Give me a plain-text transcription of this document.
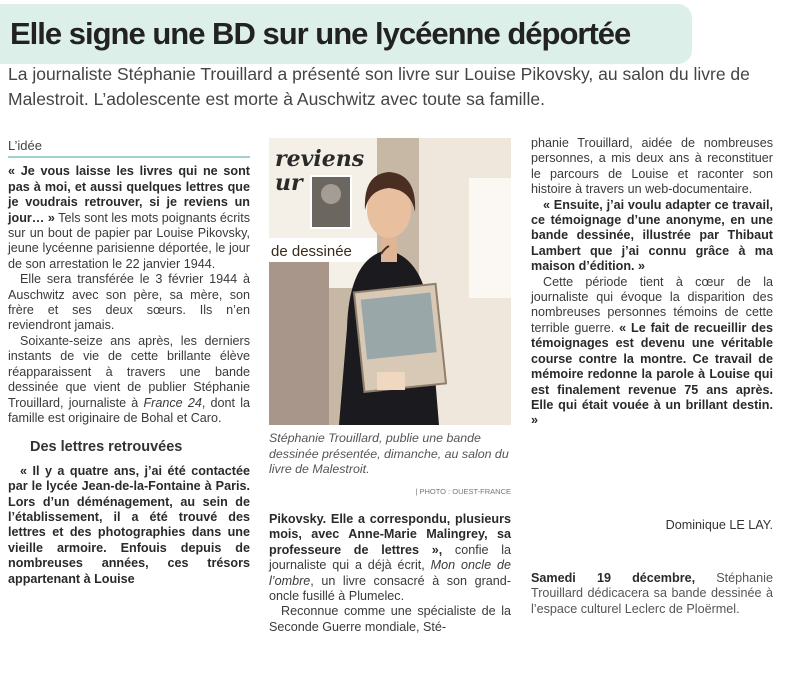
Elle signe une BD sur une lycéenne déportée

La journaliste Stéphanie Trouillard a présenté son livre sur Louise Pikovsky, au salon du livre de Malestroit. L’adolescente est morte à Auschwitz avec toute sa famille.

L’idée

« Je vous laisse les livres qui ne sont pas à moi, et aussi quelques lettres que je voudrais retrouver, si je reviens un jour… » Tels sont les mots poignants écrits sur un bout de papier par Louise Pikovsky, jeune lycéenne parisienne déportée, le jour de son arrestation le 22 janvier 1944.

Elle sera transférée le 3 février 1944 à Auschwitz avec son père, sa mère, son frère et ses deux sœurs. Ils n’en reviendront jamais.

Soixante-seize ans après, les derniers instants de vie de cette brillante élève réapparaissent à travers une bande dessinée que vient de publier Stéphanie Trouillard, journaliste à France 24, dont la famille est originaire de Bohal et Caro.

Des lettres retrouvées

« Il y a quatre ans, j’ai été contactée par le lycée Jean-de-la-Fontaine à Paris. Lors d’un déménagement, au sein de l’établissement, il a été trouvé des lettres et des photographies dans une vieille armoire. Enfouis depuis de nombreuses années, ces trésors appartenant à Louise

reviens
ur
de dessinée
Stéphanie Trouillard, publie une bande dessinée présentée, dimanche, au salon du livre de Malestroit.
| PHOTO : OUEST-FRANCE

Pikovsky. Elle a correspondu, plusieurs mois, avec Anne-Marie Malingrey, sa professeure de lettres », confie la journaliste qui a déjà écrit, Mon oncle de l’ombre, un livre consacré à son grand-oncle fusillé à Plumelec.

Reconnue comme une spécialiste de la Seconde Guerre mondiale, Sté-

phanie Trouillard, aidée de nombreuses personnes, a mis deux ans à reconstituer le parcours de Louise et raconter son histoire à travers un web-documentaire.

« Ensuite, j’ai voulu adapter ce travail, ce témoignage d’une anonyme, en une bande dessinée, illustrée par Thibaut Lambert que j’ai connu grâce à ma maison d’édition. »

Cette période tient à cœur de la journaliste qui évoque la disparition des nombreuses personnes témoins de cette terrible guerre. « Le fait de recueillir des témoignages est devenu une véritable course contre la montre. Ce travail de mémoire redonne la parole à Louise qui est finalement revenue 75 ans après. Elle qui était vouée à un brillant destin. »

Dominique LE LAY.
Samedi 19 décembre, Stéphanie Trouillard dédicacera sa bande dessinée à l’espace culturel Leclerc de Ploërmel.
